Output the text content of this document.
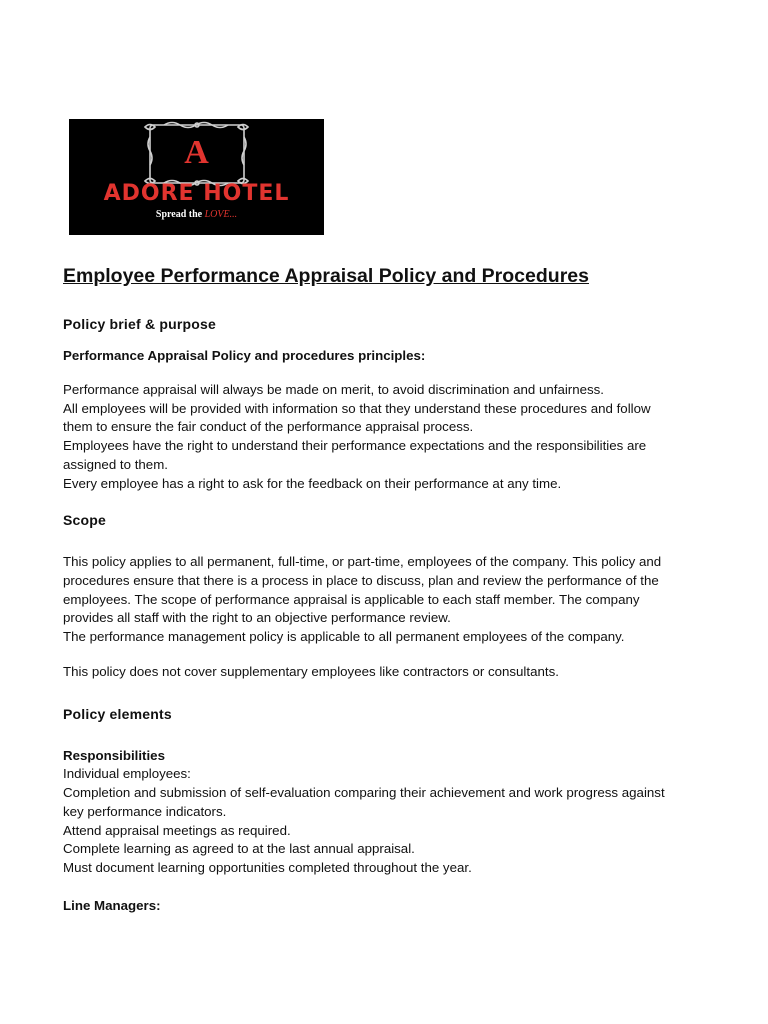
A
ADORE HOTEL
Spread the LOVE...
Employee Performance Appraisal Policy and Procedures
Policy brief & purpose
Performance Appraisal Policy and procedures principles:
Performance appraisal will always be made on merit, to avoid discrimination and unfairness.
All employees will be provided with information so that they understand these procedures and follow
them to ensure the fair conduct of the performance appraisal process.
Employees have the right to understand their performance expectations and the responsibilities are
assigned to them.
Every employee has a right to ask for the feedback on their performance at any time.
Scope
This policy applies to all permanent, full-time, or part-time, employees of the company. This policy and
procedures ensure that there is a process in place to discuss, plan and review the performance of the
employees. The scope of performance appraisal is applicable to each staff member. The company
provides all staff with the right to an objective performance review.
The performance management policy is applicable to all permanent employees of the company.
This policy does not cover supplementary employees like contractors or consultants.
Policy elements
Responsibilities
Individual employees:
Completion and submission of self-evaluation comparing their achievement and work progress against
key performance indicators.
Attend appraisal meetings as required.
Complete learning as agreed to at the last annual appraisal.
Must document learning opportunities completed throughout the year.
Line Managers:
